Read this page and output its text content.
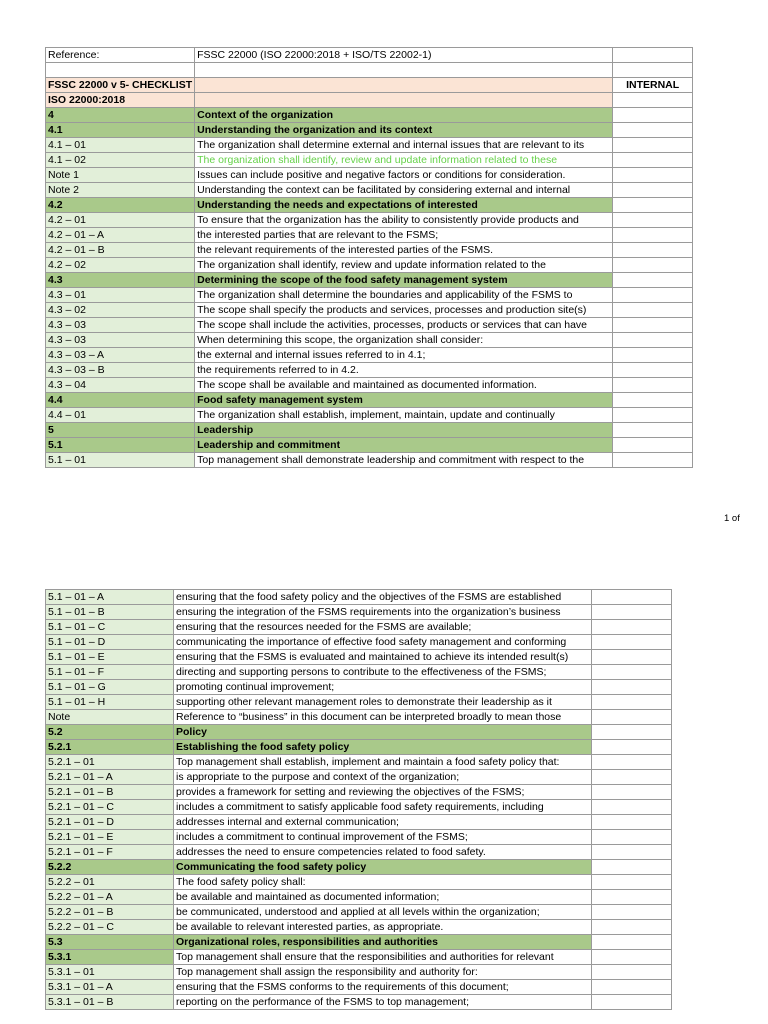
Reference:	FSSC 22000 (ISO 22000:2018 + ISO/TS 22002-1)	

FSSC 22000 v 5- CHECKLIST		INTERNAL
ISO 22000:2018		
4	Context of the organization	
4.1	Understanding the organization and its context	
4.1 – 01	The organization shall determine external and internal issues that are relevant to its	
4.1 – 02	The organization shall identify, review and update information related to these	
Note 1	Issues can include positive and negative factors or conditions for consideration.	
Note 2	Understanding the context can be facilitated by considering external and internal	
4.2	Understanding the needs and expectations of interested	
4.2 – 01	To ensure that the organization has the ability to consistently provide products and	
4.2 – 01 – A	the interested parties that are relevant to the FSMS;	
4.2 – 01 – B	the relevant requirements of the interested parties of the FSMS.	
4.2 – 02	The organization shall identify, review and update information related to the	
4.3	Determining the scope of the food safety management system	
4.3 – 01	The organization shall determine the boundaries and applicability of the FSMS to	
4.3 – 02	The scope shall specify the products and services, processes and production site(s)	
4.3 – 03	The scope shall include the activities, processes, products or services that can have	
4.3 – 03	When determining this scope, the organization shall consider:	
4.3 – 03 – A	the external and internal issues referred to in 4.1;	
4.3 – 03 – B	the requirements referred to in 4.2.	
4.3 – 04	The scope shall be available and maintained as documented information.	
4.4	Food safety management system	
4.4 – 01	The organization shall establish, implement, maintain, update and continually	
5	Leadership	
5.1	Leadership and commitment	
5.1 – 01	Top management shall demonstrate leadership and commitment with respect to the	
1 of
5.1 – 01 – A	ensuring that the food safety policy and the objectives of the FSMS are established	
5.1 – 01 – B	ensuring the integration of the FSMS requirements into the organization’s business	
5.1 – 01 – C	ensuring that the resources needed for the FSMS are available;	
5.1 – 01 – D	communicating the importance of effective food safety management and conforming	
5.1 – 01 – E	ensuring that the FSMS is evaluated and maintained to achieve its intended result(s)	
5.1 – 01 – F	directing and supporting persons to contribute to the effectiveness of the FSMS;	
5.1 – 01 – G	promoting continual improvement;	
5.1 – 01 – H	supporting other relevant management roles to demonstrate their leadership as it	
Note	Reference to “business” in this document can be interpreted broadly to mean those	
5.2	Policy	
5.2.1	Establishing the food safety policy	
5.2.1 – 01	Top management shall establish, implement and maintain a food safety policy that:	
5.2.1 – 01 – A	is appropriate to the purpose and context of the organization;	
5.2.1 – 01 – B	provides a framework for setting and reviewing the objectives of the FSMS;	
5.2.1 – 01 – C	includes a commitment to satisfy applicable food safety requirements, including	
5.2.1 – 01 – D	addresses internal and external communication;	
5.2.1 – 01 – E	includes a commitment to continual improvement of the FSMS;	
5.2.1 – 01 – F	addresses the need to ensure competencies related to food safety.	
5.2.2	Communicating the food safety policy	
5.2.2 – 01	The food safety policy shall:	
5.2.2 – 01 – A	be available and maintained as documented information;	
5.2.2 – 01 – B	be communicated, understood and applied at all levels within the organization;	
5.2.2 – 01 – C	be available to relevant interested parties, as appropriate.	
5.3	Organizational roles, responsibilities and authorities	
5.3.1	Top management shall ensure that the responsibilities and authorities for relevant	
5.3.1 – 01	Top management shall assign the responsibility and authority for:	
5.3.1 – 01 – A	ensuring that the FSMS conforms to the requirements of this document;	
5.3.1 – 01 – B	reporting on the performance of the FSMS to top management;	
